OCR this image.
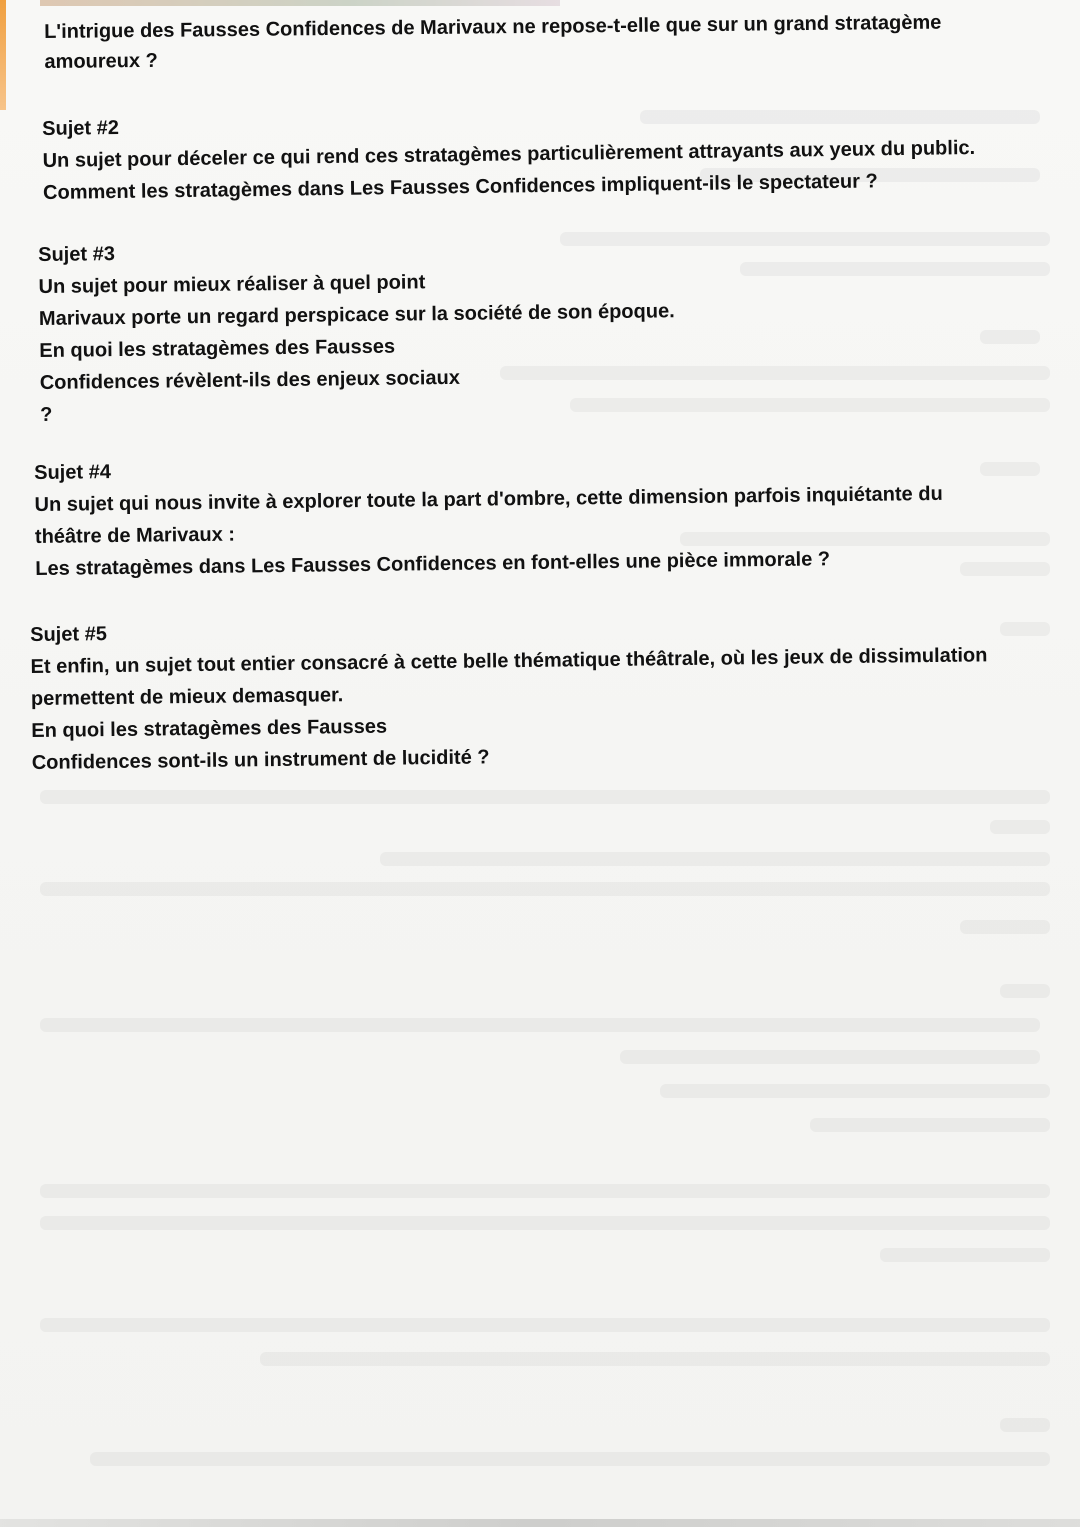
L'intrigue des Fausses Confidences de Marivaux ne repose-t-elle que sur un grand stratagème

amoureux ?

Sujet #2

Un sujet pour déceler ce qui rend ces stratagèmes particulièrement attrayants aux yeux du public.

Comment les stratagèmes dans Les Fausses Confidences impliquent-ils le spectateur ?

Sujet #3

Un sujet pour mieux réaliser à quel point

Marivaux porte un regard perspicace sur la société de son époque.

En quoi les stratagèmes des Fausses

Confidences révèlent-ils des enjeux sociaux

?

Sujet #4

Un sujet qui nous invite à explorer toute la part d'ombre, cette dimension parfois inquiétante du

théâtre de Marivaux :

Les stratagèmes dans Les Fausses Confidences en font-elles une pièce immorale ?

Sujet #5

Et enfin, un sujet tout entier consacré à cette belle thématique théâtrale, où les jeux de dissimulation

permettent de mieux demasquer.

En quoi les stratagèmes des Fausses

Confidences sont-ils un instrument de lucidité ?
